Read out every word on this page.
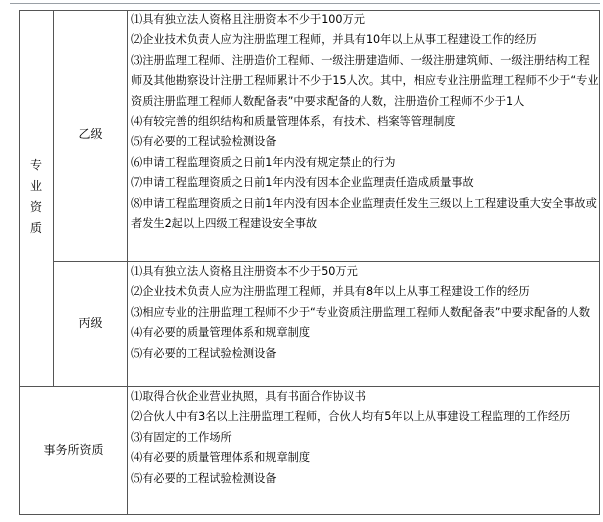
专业资质
乙级
丙级
事务所资质
⑴具有独立法人资格且注册资本不少于100万元
⑵企业技术负责人应为注册监理工程师，并具有10年以上从事工程建设工作的经历
⑶注册监理工程师、注册造价工程师、一级注册建造师、一级注册建筑师、一级注册结构工程师及其他勘察设计注册工程师累计不少于15人次。其中，相应专业注册监理工程师不少于“专业资质注册监理工程师人数配备表”中要求配备的人数，注册造价工程师不少于1人
⑷有较完善的组织结构和质量管理体系，有技术、档案等管理制度
⑸有必要的工程试验检测设备
⑹申请工程监理资质之日前1年内没有规定禁止的行为
⑺申请工程监理资质之日前1年内没有因本企业监理责任造成质量事故
⑻申请工程监理资质之日前1年内没有因本企业监理责任发生三级以上工程建设重大安全事故或者发生2起以上四级工程建设安全事故
⑴具有独立法人资格且注册资本不少于50万元
⑵企业技术负责人应为注册监理工程师，并具有8年以上从事工程建设工作的经历
⑶相应专业的注册监理工程师不少于“专业资质注册监理工程师人数配备表”中要求配备的人数
⑷有必要的质量管理体系和规章制度
⑸有必要的工程试验检测设备
⑴取得合伙企业营业执照，具有书面合作协议书
⑵合伙人中有3名以上注册监理工程师，合伙人均有5年以上从事建设工程监理的工作经历
⑶有固定的工作场所
⑷有必要的质量管理体系和规章制度
⑸有必要的工程试验检测设备
